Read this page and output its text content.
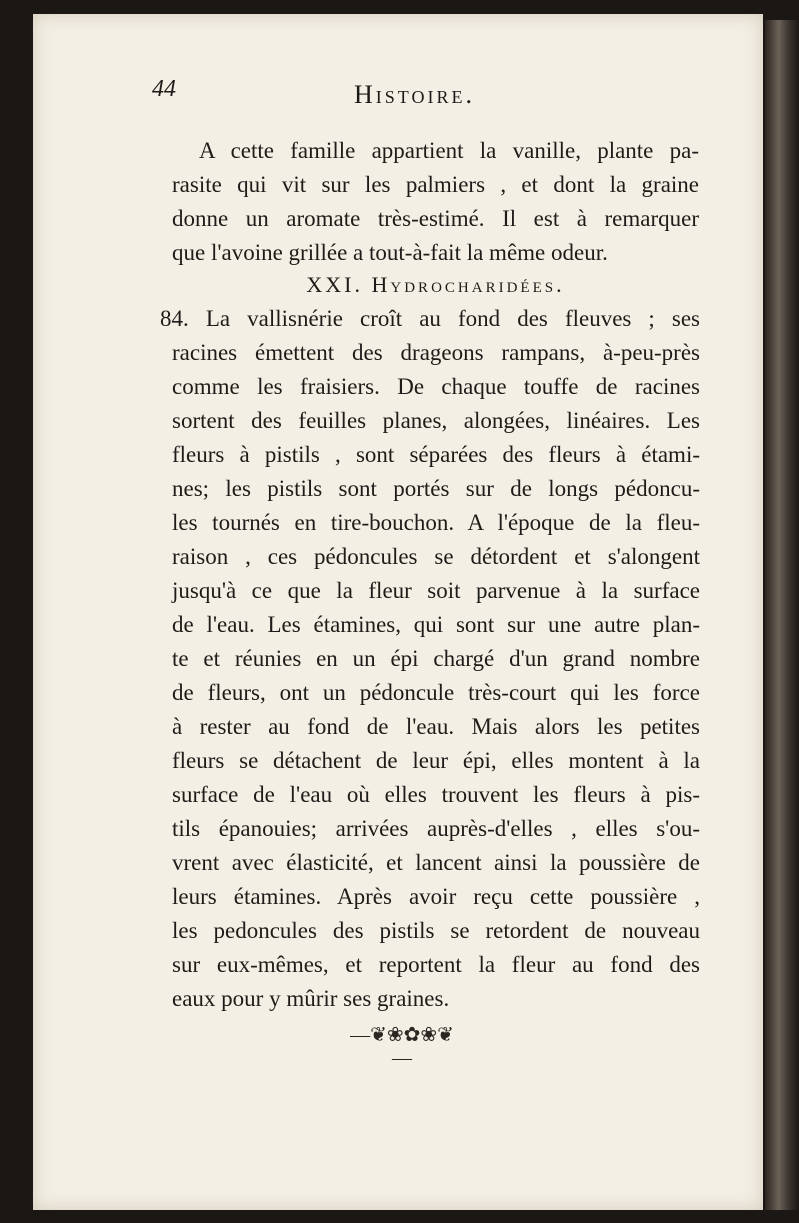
44	Histoire.
A cette famille appartient la vanille, plante pa-
rasite qui vit sur les palmiers , et dont la graine
donne un aromate très-estimé. Il est à remarquer
que l'avoine grillée a tout-à-fait la même odeur.
XXI. Hydrocharidées.
84. La vallisnérie croît au fond des fleuves ; ses
racines émettent des drageons rampans, à-peu-près
comme les fraisiers. De chaque touffe de racines
sortent des feuilles planes, alongées, linéaires. Les
fleurs à pistils , sont séparées des fleurs à étami-
nes; les pistils sont portés sur de longs pédoncu-
les tournés en tire-bouchon. A l'époque de la fleu-
raison , ces pédoncules se détordent et s'alongent
jusqu'à ce que la fleur soit parvenue à la surface
de l'eau. Les étamines, qui sont sur une autre plan-
te et réunies en un épi chargé d'un grand nombre
de fleurs, ont un pédoncule très-court qui les force
à rester au fond de l'eau. Mais alors les petites
fleurs se détachent de leur épi, elles montent à la
surface de l'eau où elles trouvent les fleurs à pis-
tils épanouies; arrivées auprès-d'elles , elles s'ou-
vrent avec élasticité, et lancent ainsi la poussière de
leurs étamines. Après avoir reçu cette poussière ,
les pedoncules des pistils se retordent de nouveau
sur eux-mêmes, et reportent la fleur au fond des
eaux pour y mûrir ses graines.
—❦❀✿❀❦—
